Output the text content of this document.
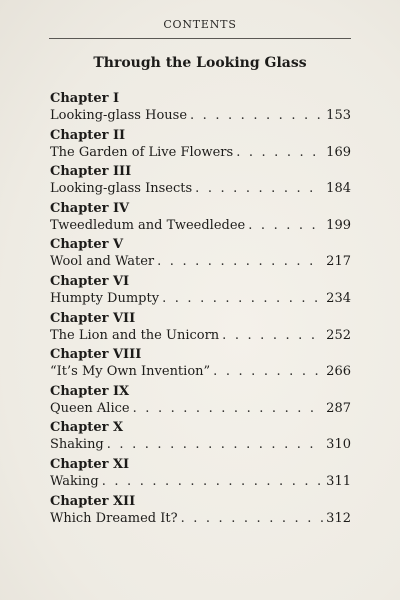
CONTENTS
Through the Looking Glass
Chapter I
Looking-glass House . . .	153
Chapter II
The Garden of Live Flowers . . .	169
Chapter III
Looking-glass Insects . . .	184
Chapter IV
Tweedledum and Tweedledee . . .	199
Chapter V
Wool and Water . . .	217
Chapter VI
Humpty Dumpty . . .	234
Chapter VII
The Lion and the Unicorn . . .	252
Chapter VIII
“It’s My Own Invention” . . .	266
Chapter IX
Queen Alice . . .	287
Chapter X
Shaking . . .	310
Chapter XI
Waking . . .	311
Chapter XII
Which Dreamed It? . . .	312
